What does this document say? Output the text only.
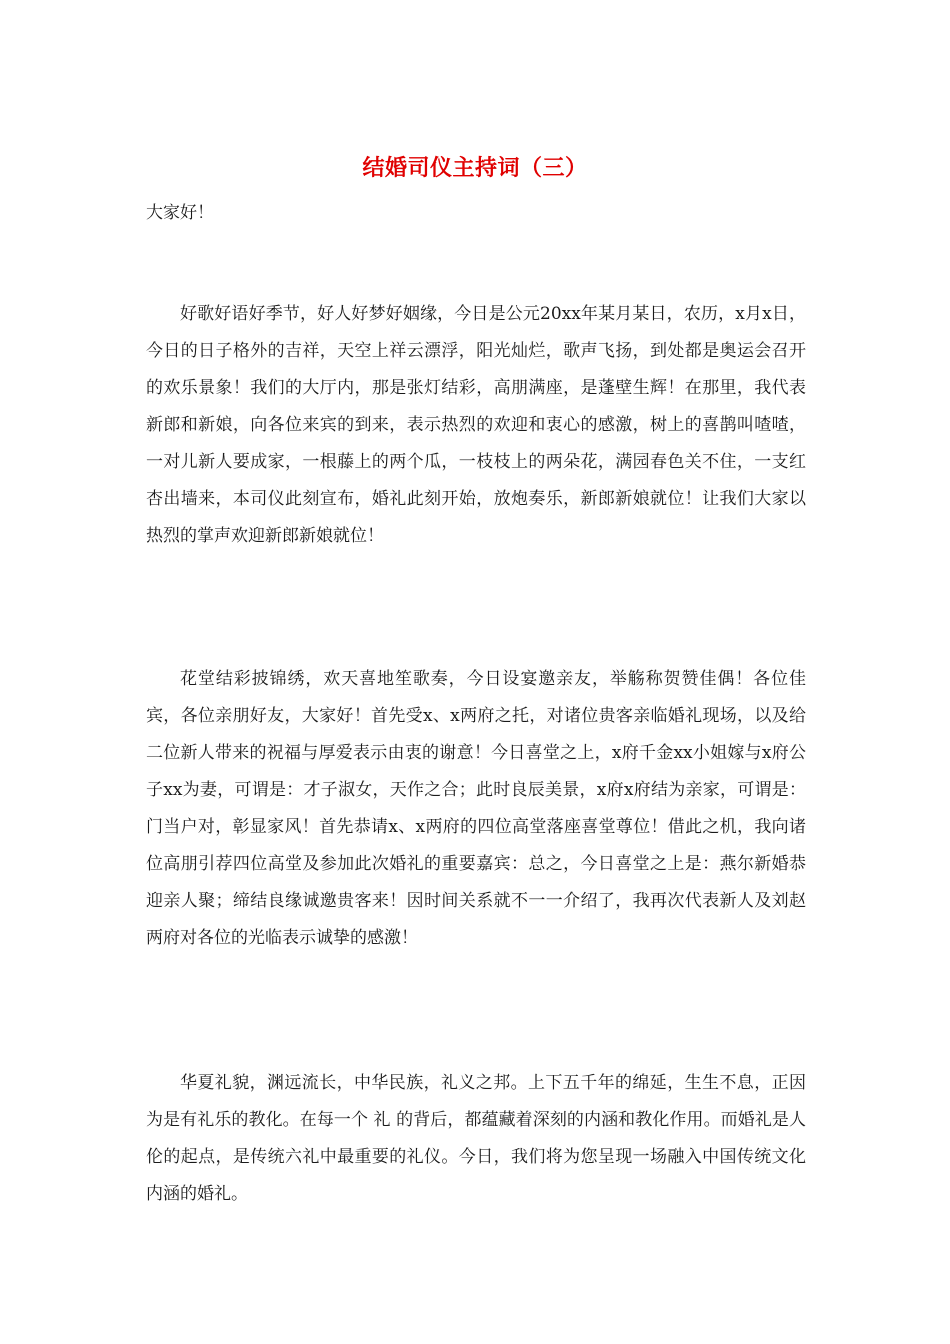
结婚司仪主持词（三）
大家好！

好歌好语好季节，好人好梦好姻缘，今日是公元20xx年某月某日，农历，x月x日，今日的日子格外的吉祥，天空上祥云漂浮，阳光灿烂，歌声飞扬，到处都是奥运会召开的欢乐景象！我们的大厅内，那是张灯结彩，高朋满座，是蓬壁生辉！在那里，我代表新郎和新娘，向各位来宾的到来，表示热烈的欢迎和衷心的感激，树上的喜鹊叫喳喳，一对儿新人要成家，一根藤上的两个瓜，一枝枝上的两朵花，满园春色关不住，一支红杏出墙来，本司仪此刻宣布，婚礼此刻开始，放炮奏乐，新郎新娘就位！让我们大家以热烈的掌声欢迎新郎新娘就位！

花堂结彩披锦绣，欢天喜地笙歌奏，今日设宴邀亲友，举觞称贺赞佳偶！各位佳宾，各位亲朋好友，大家好！首先受x、x两府之托，对诸位贵客亲临婚礼现场，以及给二位新人带来的祝福与厚爱表示由衷的谢意！今日喜堂之上，x府千金xx小姐嫁与x府公子xx为妻，可谓是：才子淑女，天作之合；此时良辰美景，x府x府结为亲家，可谓是：门当户对，彰显家风！首先恭请x、x两府的四位高堂落座喜堂尊位！借此之机，我向诸位高朋引荐四位高堂及参加此次婚礼的重要嘉宾：总之，今日喜堂之上是：燕尔新婚恭迎亲人聚；缔结良缘诚邀贵客来！因时间关系就不一一介绍了，我再次代表新人及刘赵两府对各位的光临表示诚挚的感激！

华夏礼貌，渊远流长，中华民族，礼义之邦。上下五千年的绵延，生生不息，正因为是有礼乐的教化。在每一个 礼 的背后，都蕴藏着深刻的内涵和教化作用。而婚礼是人伦的起点，是传统六礼中最重要的礼仪。今日，我们将为您呈现一场融入中国传统文化内涵的婚礼。
